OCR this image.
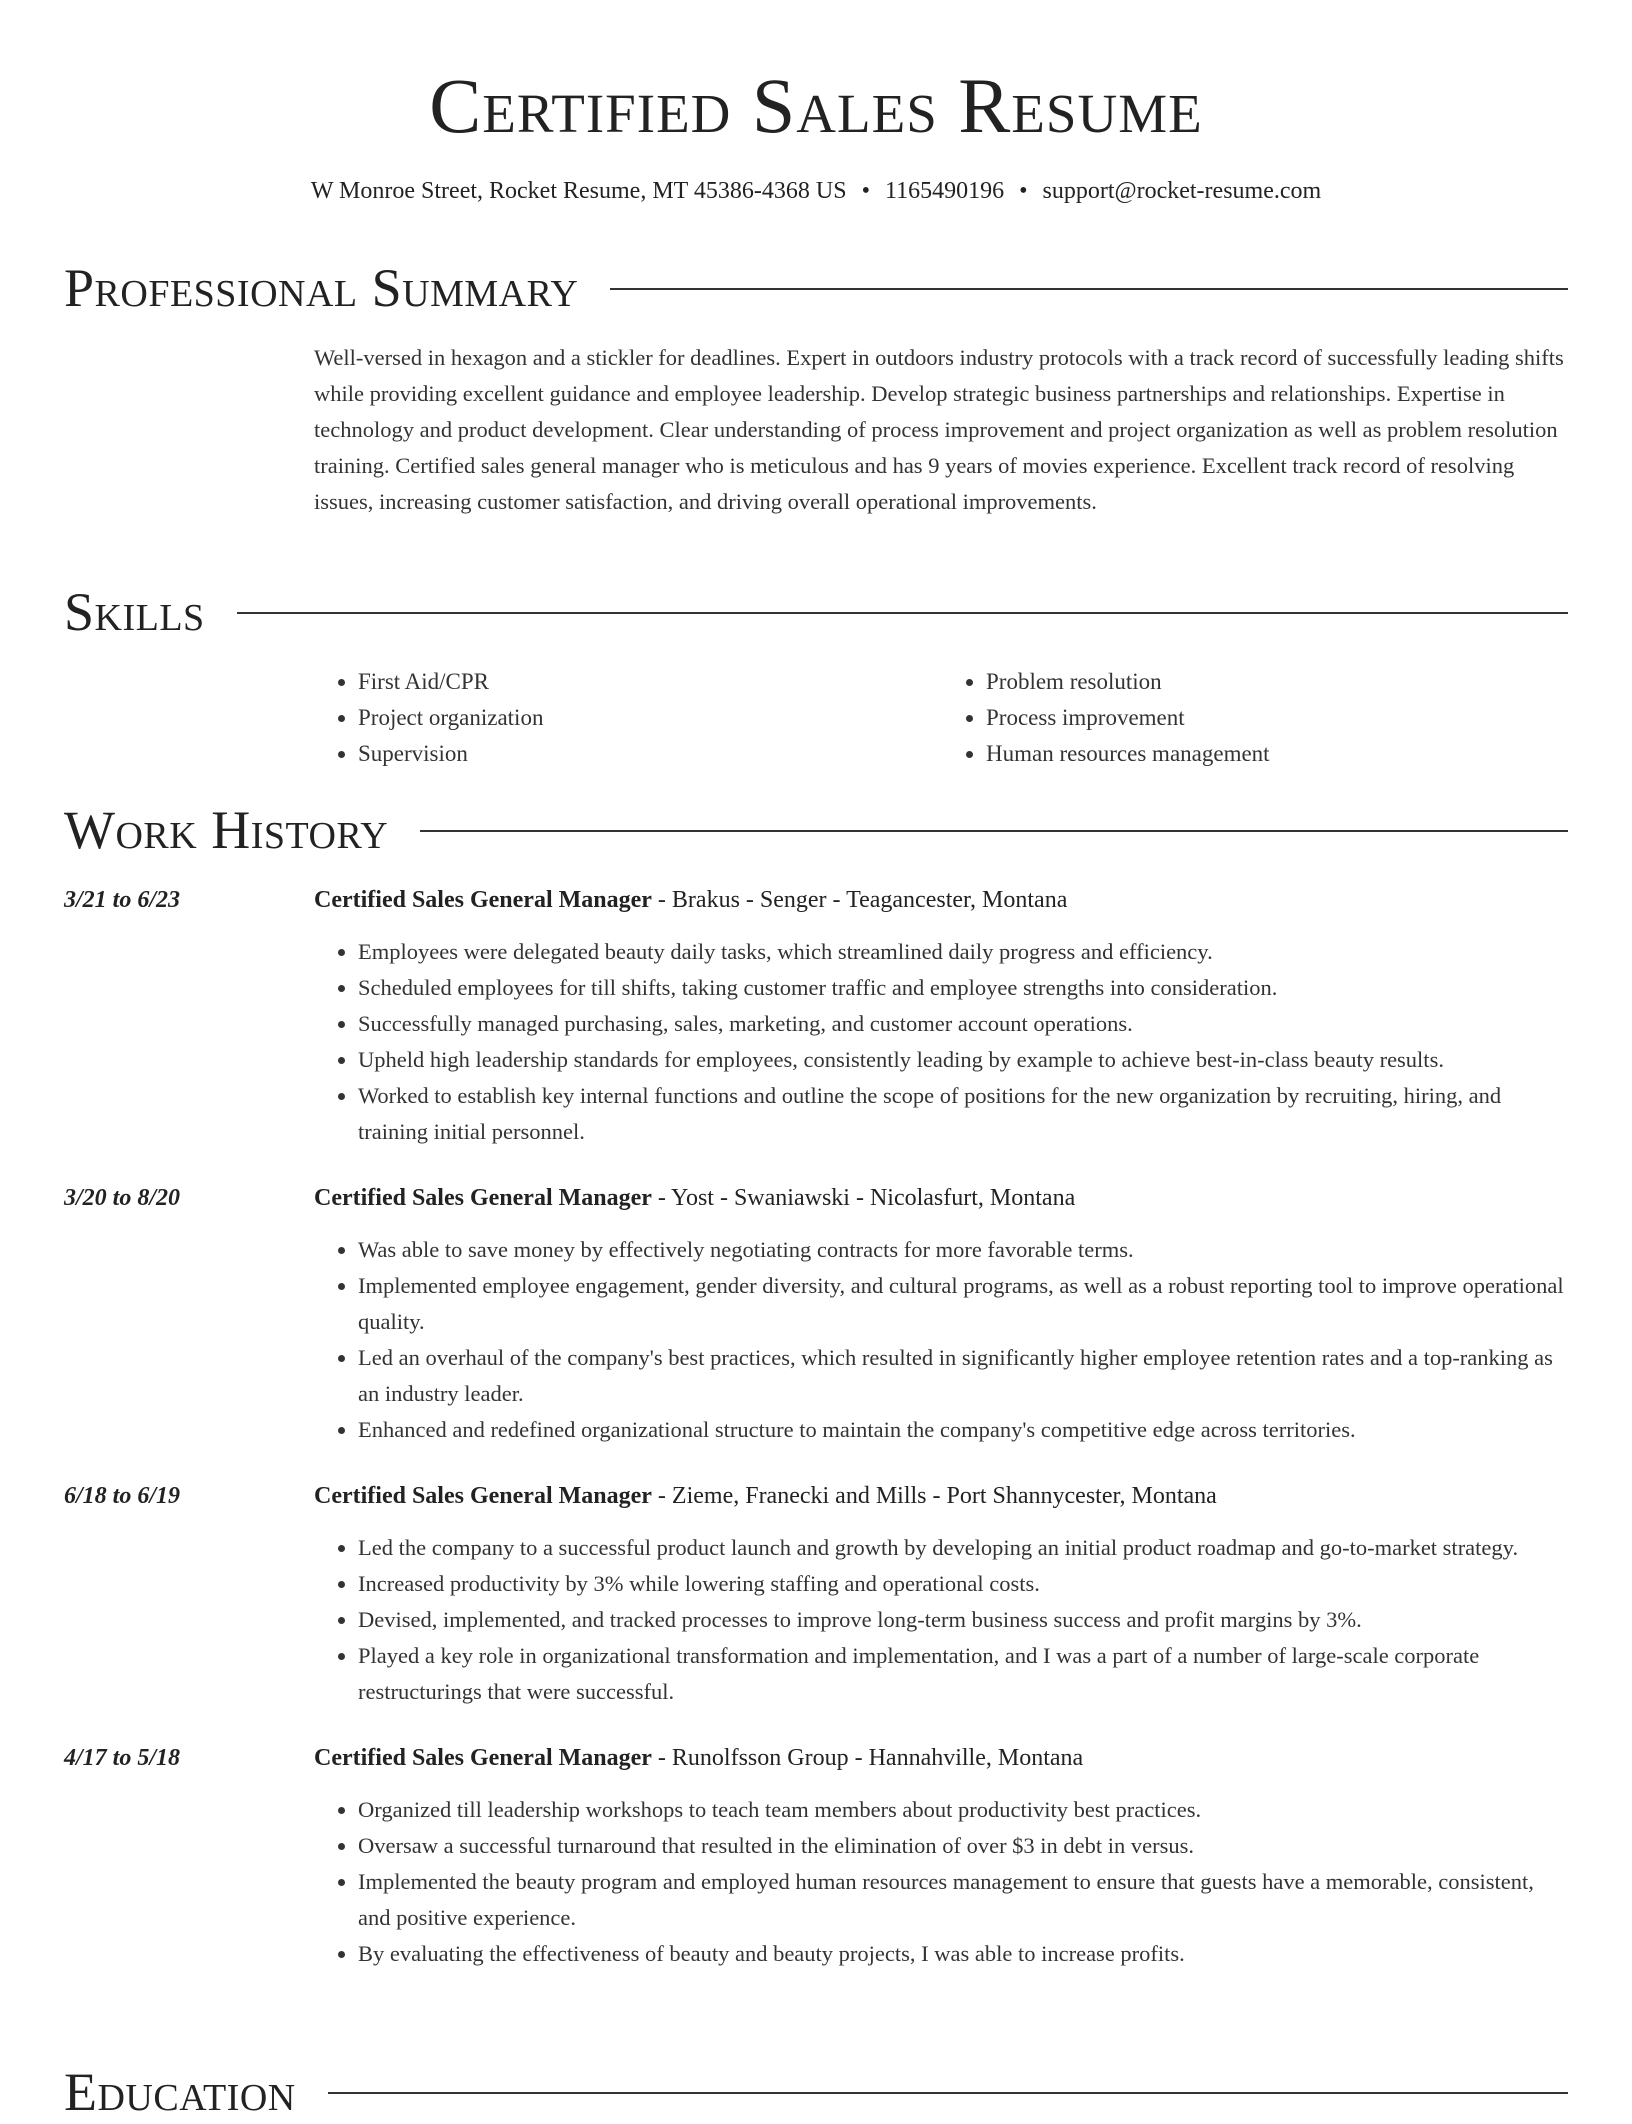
Certified Sales Resume
W Monroe Street, Rocket Resume, MT 45386-4368 US • 1165490196 • support@rocket-resume.com
Professional Summary

Well-versed in hexagon and a stickler for deadlines. Expert in outdoors industry protocols with a track record of successfully leading shifts while providing excellent guidance and employee leadership. Develop strategic business partnerships and relationships. Expertise in technology and product development. Clear understanding of process improvement and project organization as well as problem resolution training. Certified sales general manager who is meticulous and has 9 years of movies experience. Excellent track record of resolving issues, increasing customer satisfaction, and driving overall operational improvements.

Skills
• First Aid/CPR
• Project organization
• Supervision
• Problem resolution
• Process improvement
• Human resources management
Work History
3/21 to 6/23	Certified Sales General Manager - Brakus - Senger - Teagancester, Montana
• Employees were delegated beauty daily tasks, which streamlined daily progress and efficiency.
• Scheduled employees for till shifts, taking customer traffic and employee strengths into consideration.
• Successfully managed purchasing, sales, marketing, and customer account operations.
• Upheld high leadership standards for employees, consistently leading by example to achieve best-in-class beauty results.
• Worked to establish key internal functions and outline the scope of positions for the new organization by recruiting, hiring, and training initial personnel.
3/20 to 8/20	Certified Sales General Manager - Yost - Swaniawski - Nicolasfurt, Montana
• Was able to save money by effectively negotiating contracts for more favorable terms.
• Implemented employee engagement, gender diversity, and cultural programs, as well as a robust reporting tool to improve operational quality.
• Led an overhaul of the company's best practices, which resulted in significantly higher employee retention rates and a top-ranking as an industry leader.
• Enhanced and redefined organizational structure to maintain the company's competitive edge across territories.
6/18 to 6/19	Certified Sales General Manager - Zieme, Franecki and Mills - Port Shannycester, Montana
• Led the company to a successful product launch and growth by developing an initial product roadmap and go-to-market strategy.
• Increased productivity by 3% while lowering staffing and operational costs.
• Devised, implemented, and tracked processes to improve long-term business success and profit margins by 3%.
• Played a key role in organizational transformation and implementation, and I was a part of a number of large-scale corporate restructurings that were successful.
4/17 to 5/18	Certified Sales General Manager - Runolfsson Group - Hannahville, Montana
• Organized till leadership workshops to teach team members about productivity best practices.
• Oversaw a successful turnaround that resulted in the elimination of over $3 in debt in versus.
• Implemented the beauty program and employed human resources management to ensure that guests have a memorable, consistent, and positive experience.
• By evaluating the effectiveness of beauty and beauty projects, I was able to increase profits.
Education
